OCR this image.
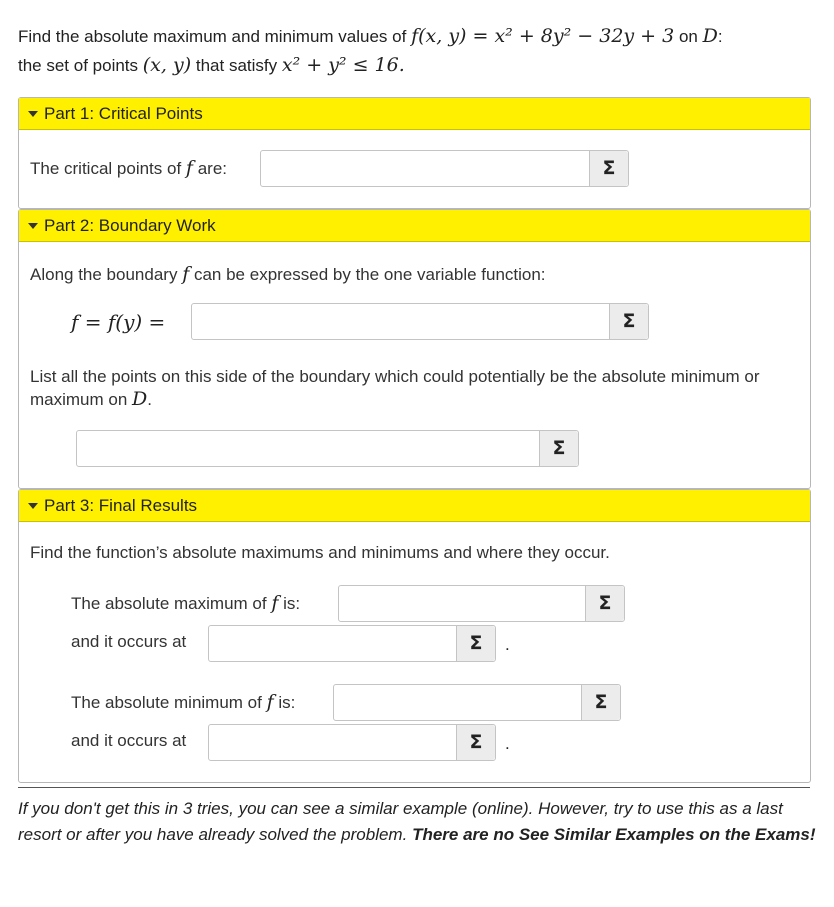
Find the absolute maximum and minimum values of f(x, y) = x² + 8y² − 32y + 3 on D:
the set of points (x, y) that satisfy x² + y² ≤ 16.
Part 1: Critical Points
The critical points of f are:	Σ
Part 2: Boundary Work
Along the boundary f can be expressed by the one variable function:
f = f(y) =	Σ
List all the points on this side of the boundary which could potentially be the absolute minimum or maximum on D.
Σ
Part 3: Final Results
Find the function’s absolute maximums and minimums and where they occur.
The absolute maximum of f is:	Σ
and it occurs at	Σ	.
The absolute minimum of f is:	Σ
and it occurs at	Σ	.
If you don't get this in 3 tries, you can see a similar example (online). However, try to use this as a last resort or after you have already solved the problem. There are no See Similar Examples on the Exams!
